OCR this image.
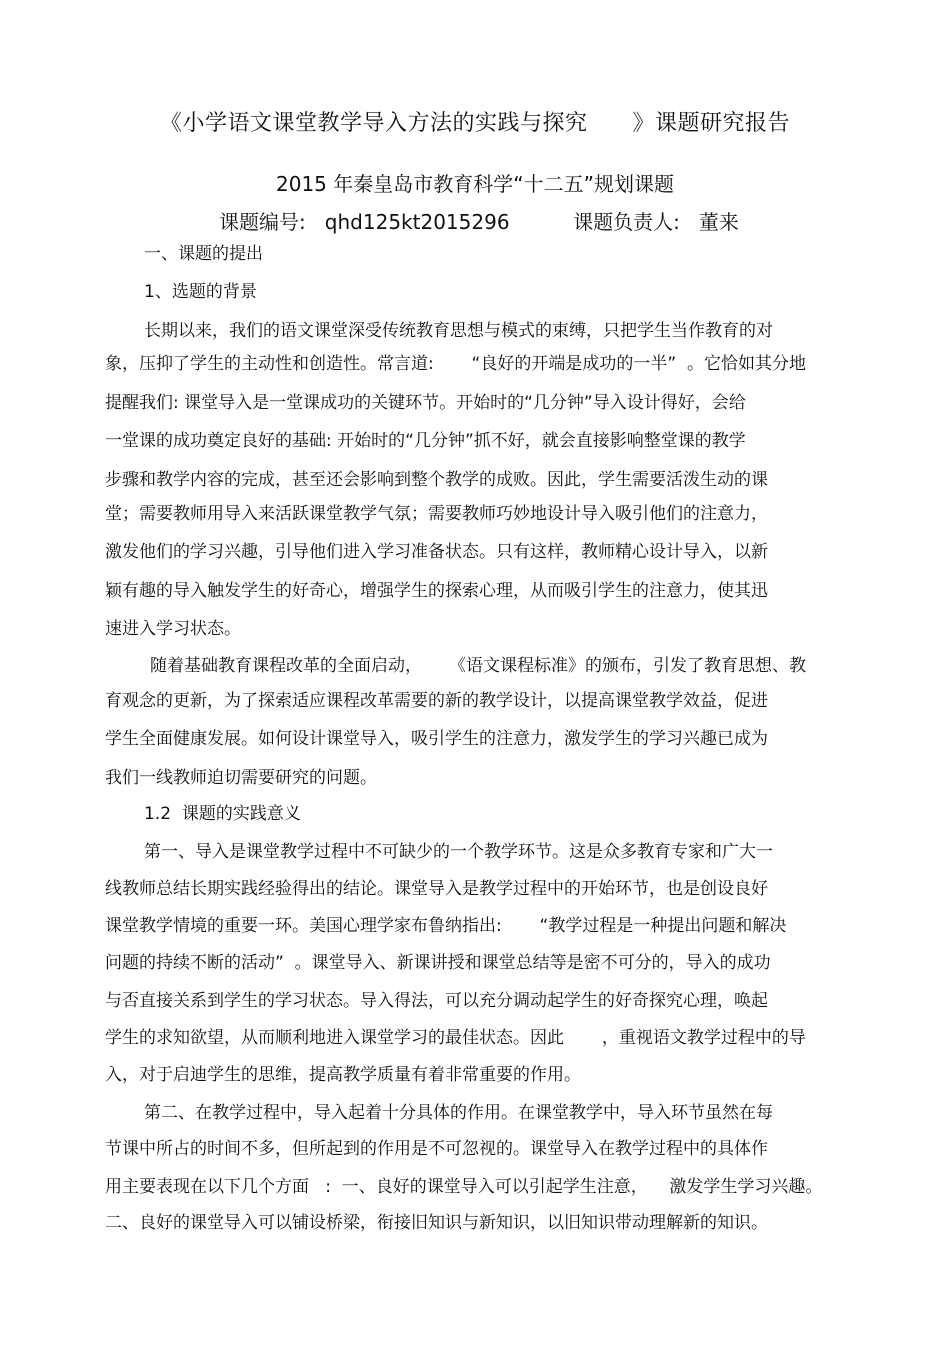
《小学语文课堂教学导入方法的实践与探究      》课题研究报告
2015 年秦皇岛市教育科学“十二五”规划课题
课题编号:   qhd125kt2015296          课题负责人:   董来
一、课题的提出
1、选题的背景
长期以来，我们的语文课堂深受传统教育思想与模式的束缚，只把学生当作教育的对
象，压抑了学生的主动性和创造性。常言道:       “良好的开端是成功的一半”  。它恰如其分地
提醒我们: 课堂导入是一堂课成功的关键环节。开始时的“几分钟”导入设计得好，会给
一堂课的成功奠定良好的基础: 开始时的“几分钟”抓不好，就会直接影响整堂课的教学
步骤和教学内容的完成，甚至还会影响到整个教学的成败。因此，学生需要活泼生动的课
堂；需要教师用导入来活跃课堂教学气氛；需要教师巧妙地设计导入吸引他们的注意力，
激发他们的学习兴趣，引导他们进入学习准备状态。只有这样，教师精心设计导入，以新
颖有趣的导入触发学生的好奇心，增强学生的探索心理，从而吸引学生的注意力，使其迅
速进入学习状态。
随着基础教育课程改革的全面启动，     《语文课程标准》的颁布，引发了教育思想、教
育观念的更新，为了探索适应课程改革需要的新的教学设计，以提高课堂教学效益，促进
学生全面健康发展。如何设计课堂导入，吸引学生的注意力，激发学生的学习兴趣已成为
我们一线教师迫切需要研究的问题。
1.2  课题的实践意义
第一、导入是课堂教学过程中不可缺少的一个教学环节。这是众多教育专家和广大一
线教师总结长期实践经验得出的结论。课堂导入是教学过程中的开始环节，也是创设良好
课堂教学情境的重要一环。美国心理学家布鲁纳指出:       “教学过程是一种提出问题和解决
问题的持续不断的活动”  。课堂导入、新课讲授和课堂总结等是密不可分的，导入的成功
与否直接关系到学生的学习状态。导入得法，可以充分调动起学生的好奇探究心理，唤起
学生的求知欲望，从而顺利地进入课堂学习的最佳状态。因此       ，重视语文教学过程中的导
入，对于启迪学生的思维，提高教学质量有着非常重要的作用。
第二、在教学过程中，导入起着十分具体的作用。在课堂教学中，导入环节虽然在每
节课中所占的时间不多，但所起到的作用是不可忽视的。课堂导入在教学过程中的具体作
用主要表现在以下几个方面   :  一、良好的课堂导入可以引起学生注意，    激发学生学习兴趣。
二、良好的课堂导入可以铺设桥梁，衔接旧知识与新知识，以旧知识带动理解新的知识。
